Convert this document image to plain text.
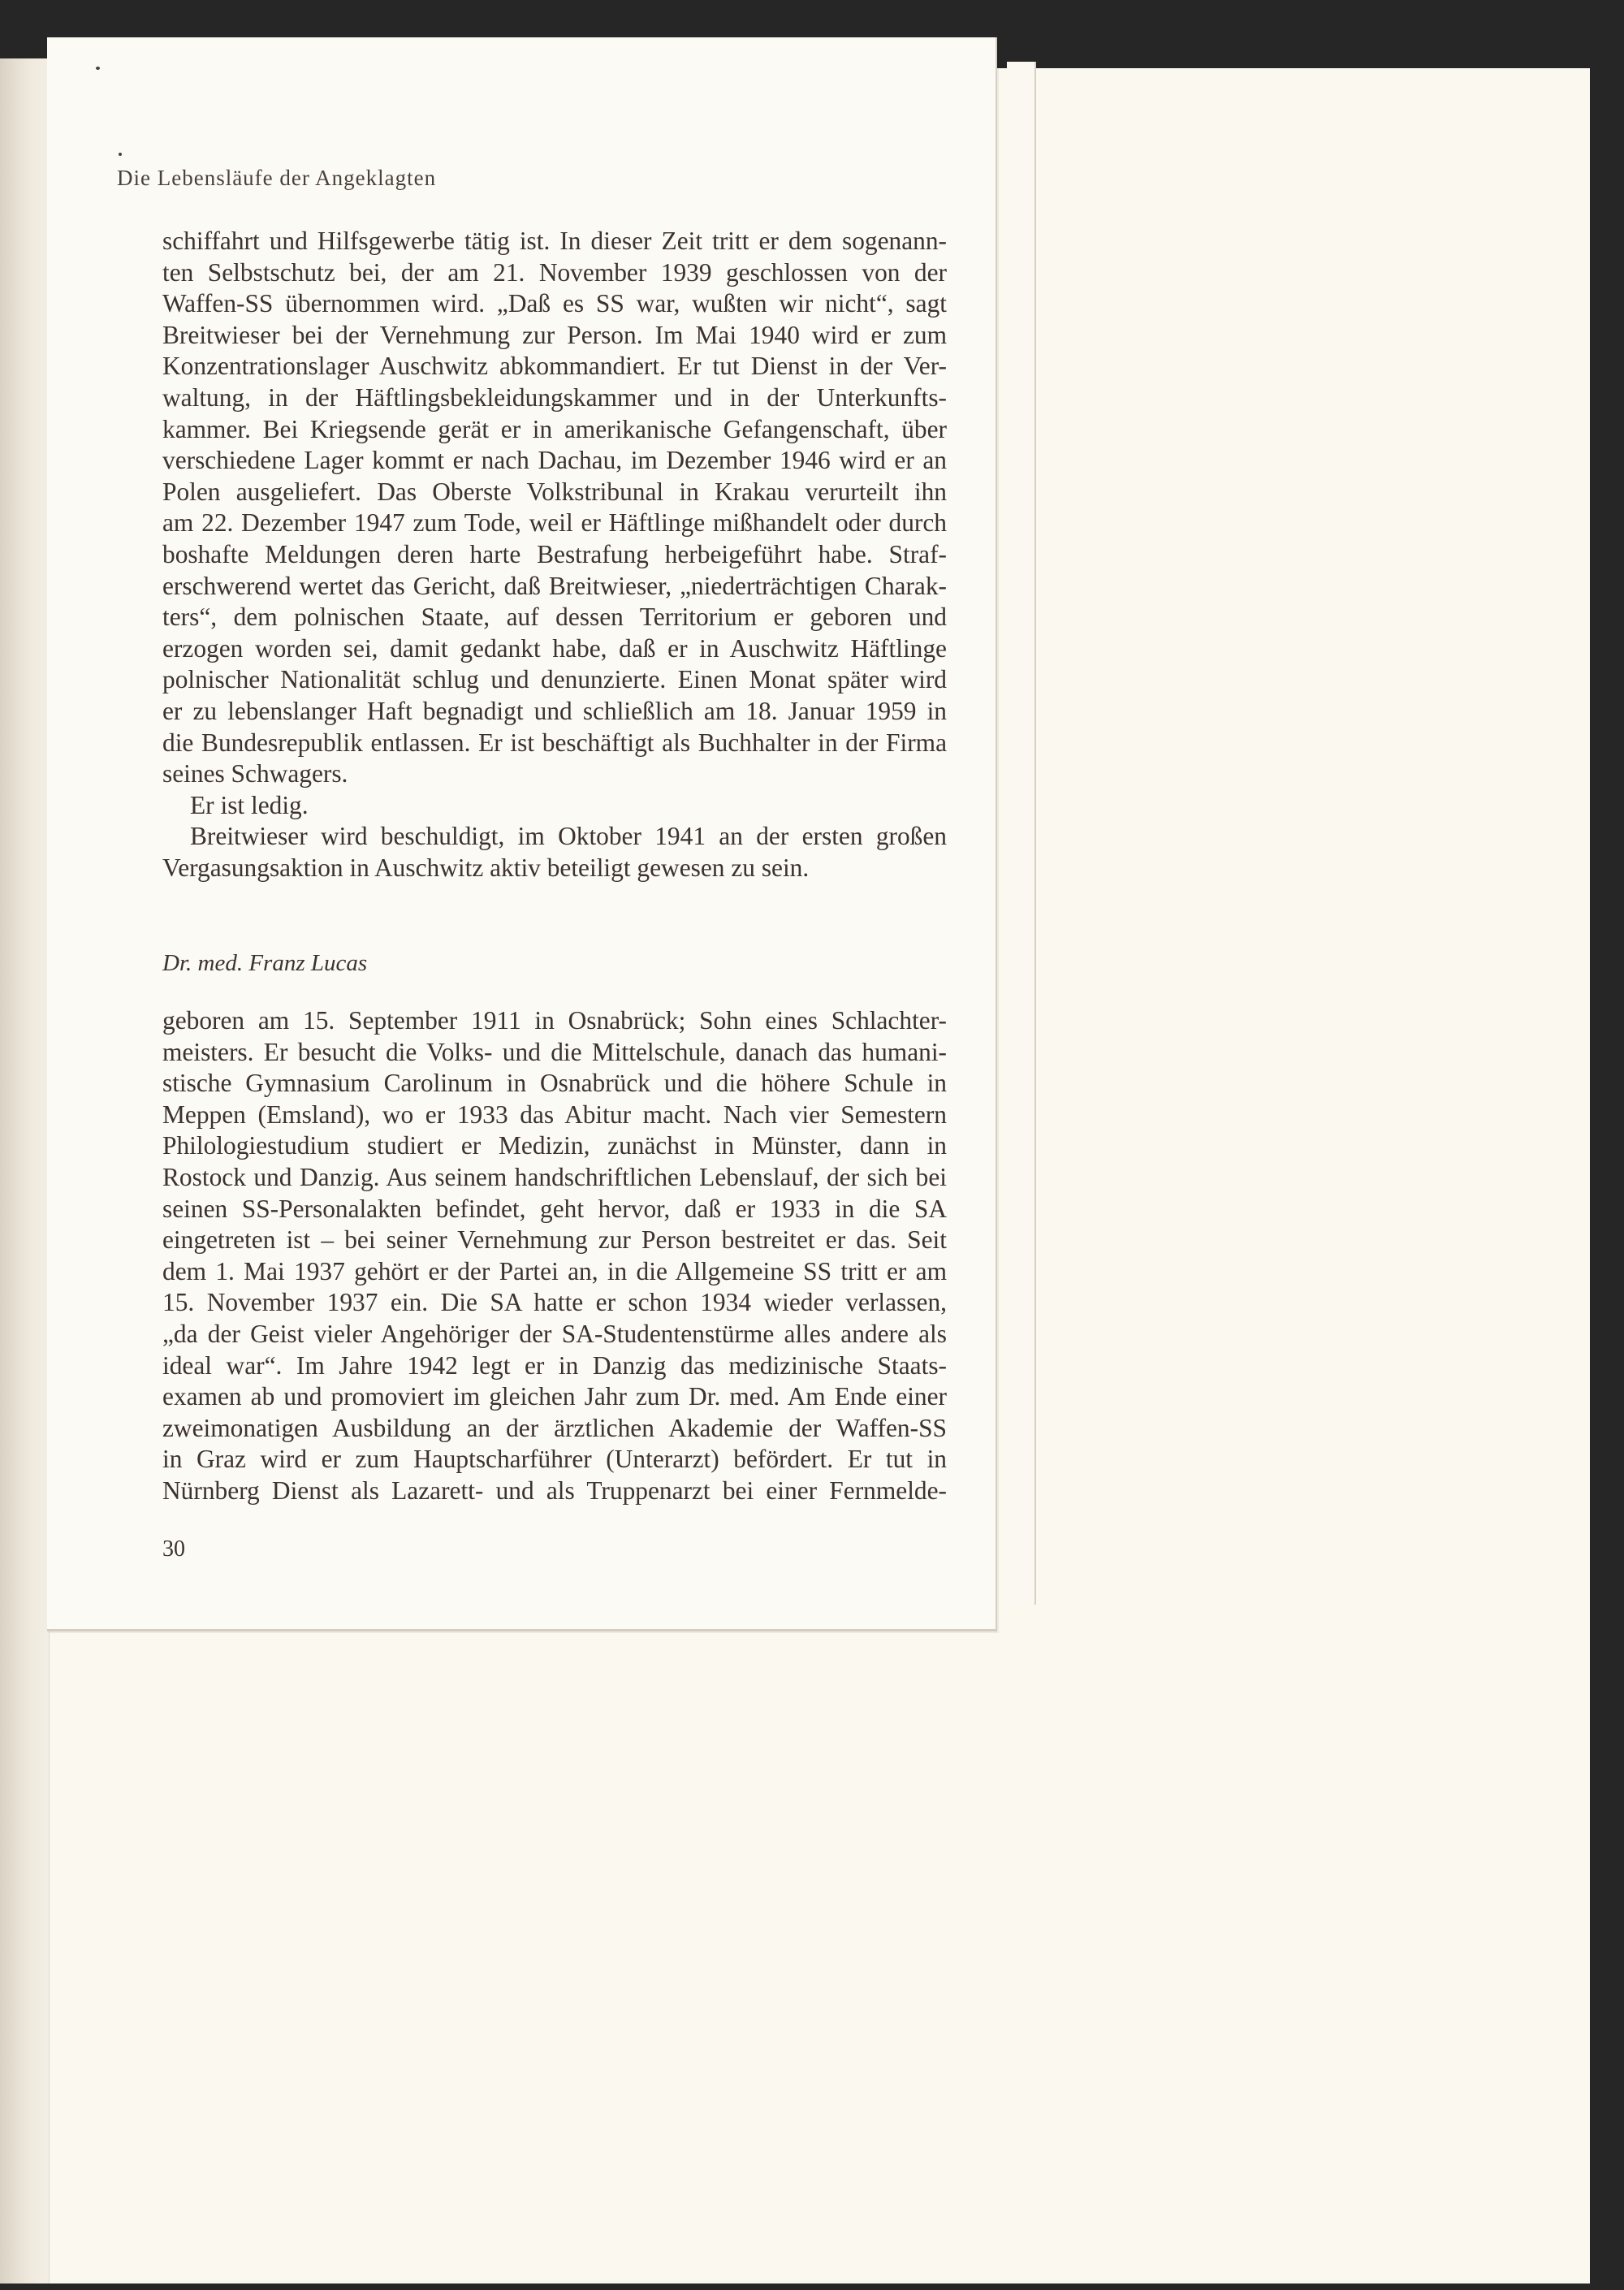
Die Lebensläufe der Angeklagten
schiffahrt und Hilfsgewerbe tätig ist. In dieser Zeit tritt er dem sogenann-
ten Selbstschutz bei, der am 21. November 1939 geschlossen von der
Waffen-SS übernommen wird. „Daß es SS war, wußten wir nicht“, sagt
Breitwieser bei der Vernehmung zur Person. Im Mai 1940 wird er zum
Konzentrationslager Auschwitz abkommandiert. Er tut Dienst in der Ver-
waltung, in der Häftlingsbekleidungskammer und in der Unterkunfts-
kammer. Bei Kriegsende gerät er in amerikanische Gefangenschaft, über
verschiedene Lager kommt er nach Dachau, im Dezember 1946 wird er an
Polen ausgeliefert. Das Oberste Volkstribunal in Krakau verurteilt ihn
am 22. Dezember 1947 zum Tode, weil er Häftlinge mißhandelt oder durch
boshafte Meldungen deren harte Bestrafung herbeigeführt habe. Straf-
erschwerend wertet das Gericht, daß Breitwieser, „niederträchtigen Charak-
ters“, dem polnischen Staate, auf dessen Territorium er geboren und
erzogen worden sei, damit gedankt habe, daß er in Auschwitz Häftlinge
polnischer Nationalität schlug und denunzierte. Einen Monat später wird
er zu lebenslanger Haft begnadigt und schließlich am 18. Januar 1959 in
die Bundesrepublik entlassen. Er ist beschäftigt als Buchhalter in der Firma
seines Schwagers.
Er ist ledig.
Breitwieser wird beschuldigt, im Oktober 1941 an der ersten großen
Vergasungsaktion in Auschwitz aktiv beteiligt gewesen zu sein.
Dr. med. Franz Lucas
geboren am 15. September 1911 in Osnabrück; Sohn eines Schlachter-
meisters. Er besucht die Volks- und die Mittelschule, danach das humani-
stische Gymnasium Carolinum in Osnabrück und die höhere Schule in
Meppen (Emsland), wo er 1933 das Abitur macht. Nach vier Semestern
Philologiestudium studiert er Medizin, zunächst in Münster, dann in
Rostock und Danzig. Aus seinem handschriftlichen Lebenslauf, der sich bei
seinen SS-Personalakten befindet, geht hervor, daß er 1933 in die SA
eingetreten ist – bei seiner Vernehmung zur Person bestreitet er das. Seit
dem 1. Mai 1937 gehört er der Partei an, in die Allgemeine SS tritt er am
15. November 1937 ein. Die SA hatte er schon 1934 wieder verlassen,
„da der Geist vieler Angehöriger der SA-Studentenstürme alles andere als
ideal war“. Im Jahre 1942 legt er in Danzig das medizinische Staats-
examen ab und promoviert im gleichen Jahr zum Dr. med. Am Ende einer
zweimonatigen Ausbildung an der ärztlichen Akademie der Waffen-SS
in Graz wird er zum Hauptscharführer (Unterarzt) befördert. Er tut in
Nürnberg Dienst als Lazarett- und als Truppenarzt bei einer Fernmelde-
30
